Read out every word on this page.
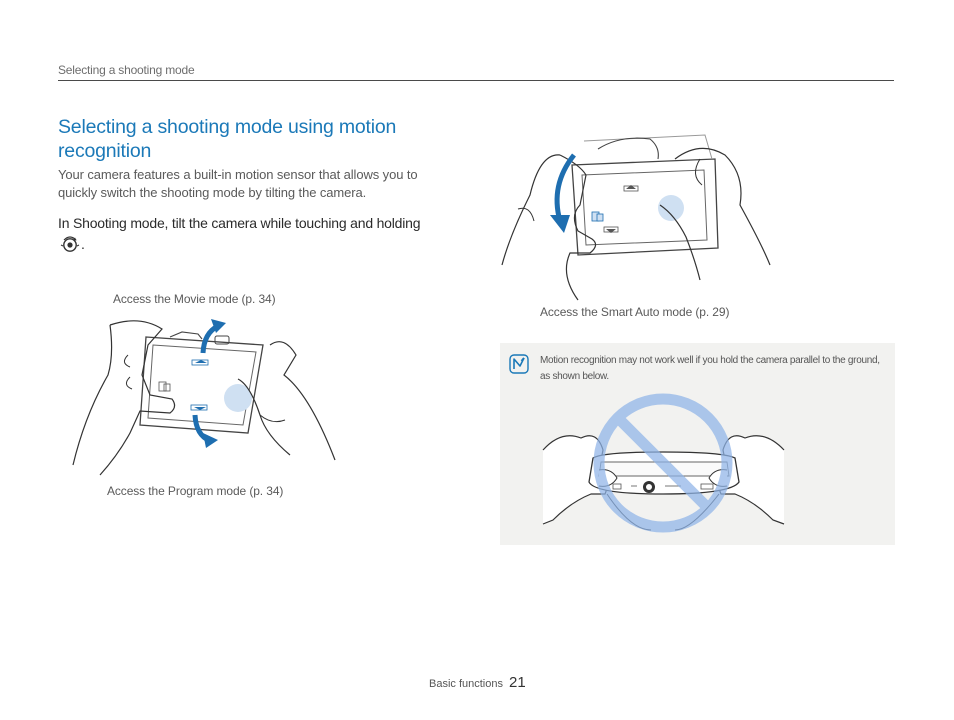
Selecting a shooting mode
Selecting a shooting mode using motion recognition
Your camera features a built-in motion sensor that allows you to quickly switch the shooting mode by tilting the camera.
In Shooting mode, tilt the camera while touching and holding .
Access the Movie mode (p. 34)
Access the Program mode (p. 34)
Access the Smart Auto mode (p. 29)
Motion recognition may not work well if you hold the camera parallel to the ground, as shown below.
Basic functions 21
